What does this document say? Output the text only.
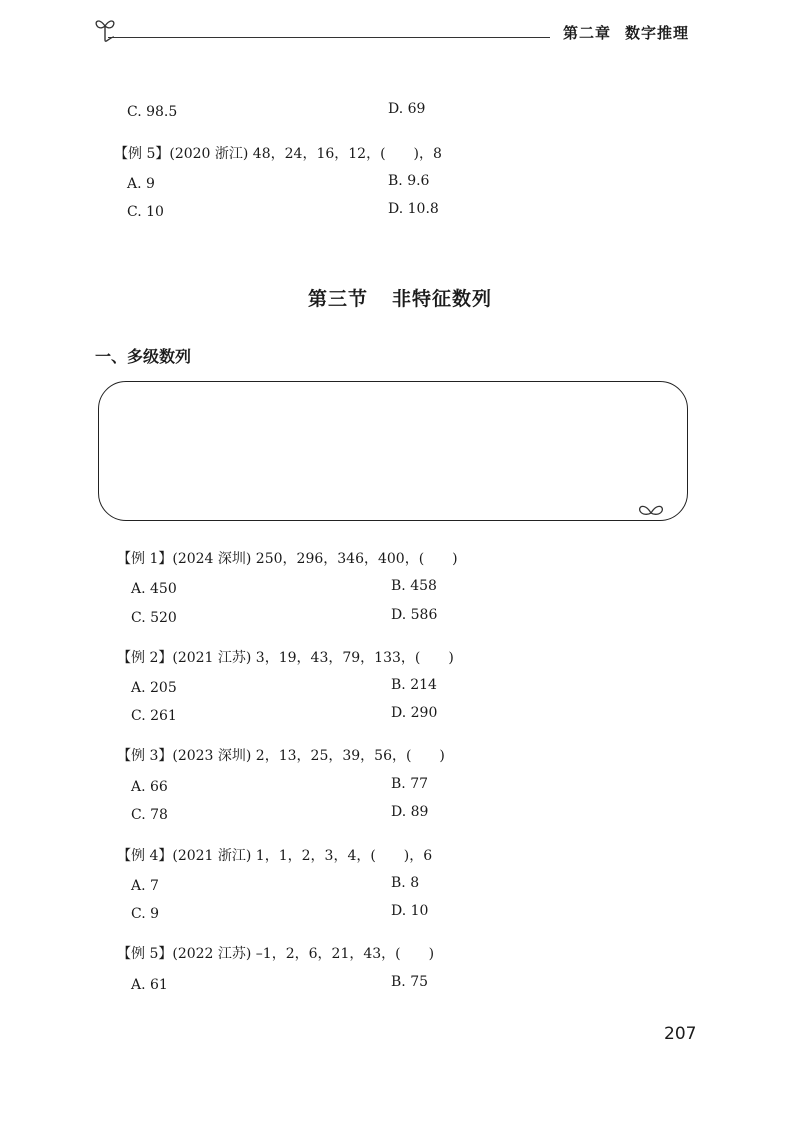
第二章 数字推理
C. 98.5	D. 69
【例 5】(2020 浙江) 48，24，16，12，(　　)，8
A. 9	B. 9.6
C. 10	D. 10.8
第三节 非特征数列
一、多级数列
【例 1】(2024 深圳) 250，296，346，400，(　　)
A. 450	B. 458
C. 520	D. 586
【例 2】(2021 江苏) 3，19，43，79，133，(　　)
A. 205	B. 214
C. 261	D. 290
【例 3】(2023 深圳) 2，13，25，39，56，(　　)
A. 66	B. 77
C. 78	D. 89
【例 4】(2021 浙江) 1，1，2，3，4，(　　)，6
A. 7	B. 8
C. 9	D. 10
【例 5】(2022 江苏) –1，2，6，21，43，(　　)
A. 61	B. 75
207
